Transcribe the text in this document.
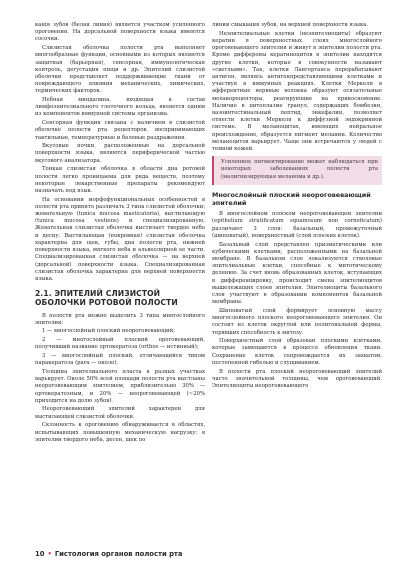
канія зубов (белая линия) является участком усиленного ороговения. На дорсальной поверхности языка имеются сосочки.

Слизистая оболочка полости рта выполняет многообразные функции, основными из которых являются защитная (барьерная), сенсорная, иммунологическая контроль, дегустация пищи и др. Эпителий слизистой оболочки представляет поддерживающие ткани от повреждающего влияния механических, химических, термических факторов.

Небная миндалина, входящая в состав лимфоэпителиального глоточного кольца, является одним из компонентов иммунной системы организма.

Сенсорная функция связана с наличием в слизистой оболочке полости рта рецепторов, воспринимающих тактильные, температурные и болевые раздражения.

Вкусовые почки, расположенные на дорсальной поверхности языка, являются периферической частью вкусового анализатора.

Тонкая слизистая оболочка в области дна ротовой полости легко проницаема для ряда веществ, поэтому некоторые лекарственные препараты рекомендуют назначать под язык.

На основании морфофункциональных особенностей в полости рта принято различать 3 типа слизистой оболочки: жевательную (tunica mucosa masticatoria), выстилающую (tunica mucosa vestiens) и специализированную. Жевательная слизистая оболочка выстилает твердое небо и десну. Выстилающая (покровная) слизистая оболочка характерна для щек, губы, дна полости рта, нижней поверхности языка, мягкого неба и альвеолярной ее части. Специализированная слизистая оболочка — на верхней (дорсальной) поверхности языка. Специализированная слизистая оболочка характерна для верхней поверхности языка.

2.1. ЭПИТЕЛИЙ СЛИЗИСТОЙ ОБОЛОЧКИ РОТОВОЙ ПОЛОСТИ

В полости рта можно выделить 3 типа многослойного эпителия:

1 — многослойный плоский неороговевающий;

2 — многослойный плоский ороговевающий, получивший название ортокератоза (orthos — истинный);

3 — многослойный плоский, отличающийся типом паракератоза (para — около).

Толщина эпителиального пласта в разных участках варьирует. Около 50% всей площади полости рта выстланы неороговевающим эпителием, приблизительно 30% — ортокератозным, и 20% — неороговевающей (~20% приходится на долю зубов).

Неороговевающий эпителий характерен для выстилающей слизистой оболочки.

Склонность к ороговению обнаруживается в областях, испытывающих повышенную механическую нагрузку: в эпителии твердого неба, десен, щек по

линии смыкания зубов, на верхней поверхности языка.

Неэпителиальные клетки (неэпителиоциты) образуют кератин в поверхностных слоях многослойного ороговевающего эпителия и живут в эпителии полости рта. Кроме диффероны кератиноцитов в эпителии находятся другие клетки, которые в совокупности называют «светлыми». Так, клетки Лангерганса перерабатывают антиген, являясь антигенпредставляющими клетками и участвуя в иммунных реакциях. Клетки Меркеля в афферентные нервные волокна образуют осязательные механорецепторы, реагирующие на прикосновение. Наличие в цитоплазме гранул, содержащих бомбезин, вазоинтестинальный пептид, энкефалин, позволяет отнести клетки Меркеля к диффузной эндокринной системе. В меланоцитах, имеющих нейральное происхождение, образуется пигмент меланин. Количество меланоцитов варьирует. Чаще они встречаются у людей с темной кожей.

Усиленное пигментирование может наблюдаться при некоторых заболеваниях полости рта (малигнизирующая меланома и др.).

Многослойный плоский неороговевающий эпителий

В многослойном плоском неороговевающем эпителии (epithelium stratificatum squamosum non corneficatum) различают 3 слоя: базальный, промежуточный (шиповатый), поверхностный (слой плоских клеток).

Базальный слой представлен призматическими или кубическими клетками, расположенными на базальной мембране. В базальном слое локализуются стволовые эпителиальные клетки, способные к митотическому делению. За счет вновь образованных клеток, вступающих в дифференцировку, происходит смена эпителиоцитов вышележащих слоев эпителия. Эпителиоциты базального слоя участвуют в образовании компонентов базальной мембраны.

Шиповатый слой формирует основную массу многослойного плоского неороговевающего эпителия. Он состоит из клеток округлой или полигональной формы, терявших способность к митозу.

Поверхностный слой образован плоскими клетками, которые замещаются в процессе обновления ткани. Сохранение клеток сопровождается их захватом, постепенной гибелью и слущиванием.

В полости рта плоский неороговевающий эпителий часто значительной толщины, чем ороговевающий. Эпителиоциты неороговевающего

10 • Гистология органов полости рта
